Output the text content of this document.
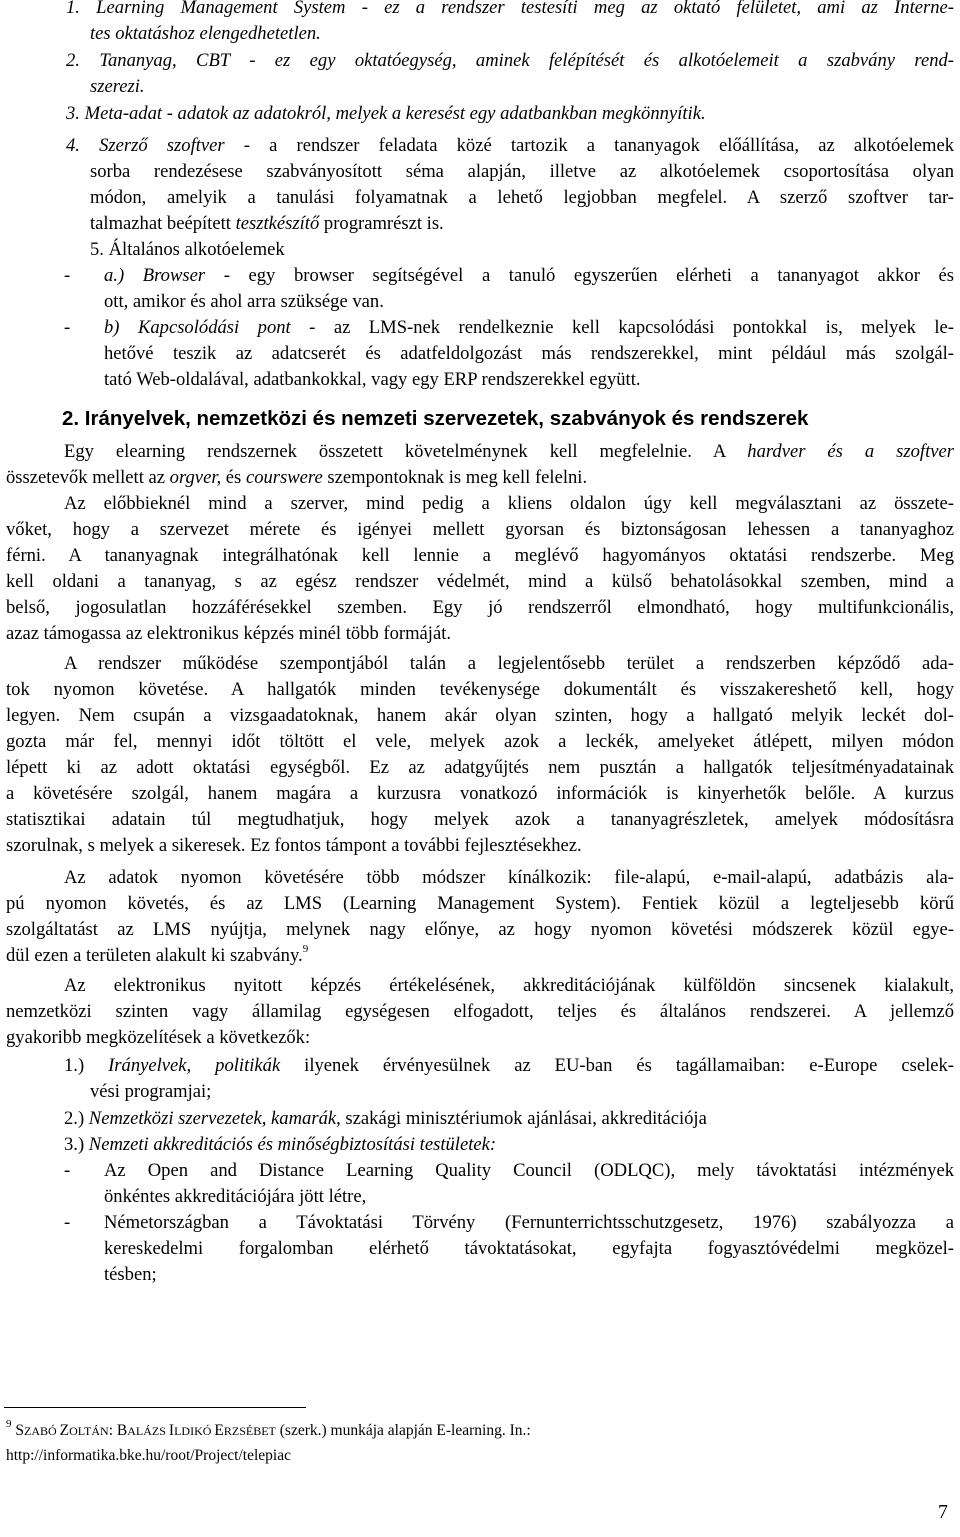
1. Learning Management System - ez a rendszer testesíti meg az oktató felületet, ami az Interne-
tes oktatáshoz elengedhetetlen.
2. Tananyag, CBT - ez egy oktatóegység, aminek felépítését és alkotóelemeit a szabvány rend-
szerezi.
3. Meta-adat - adatok az adatokról, melyek a keresést egy adatbankban megkönnyítik.
4. Szerző szoftver - a rendszer feladata közé tartozik a tananyagok előállítása, az alkotóelemek
sorba rendezésese szabványosított séma alapján, illetve az alkotóelemek csoportosítása olyan
módon, amelyik a tanulási folyamatnak a lehető legjobban megfelel. A szerző szoftver tar-
talmazhat beépített tesztkészítő programrészt is.
5. Általános alkotóelemek
- a.) Browser - egy browser segítségével a tanuló egyszerűen elérheti a tananyagot akkor és
ott, amikor és ahol arra szüksége van.
- b) Kapcsolódási pont - az LMS-nek rendelkeznie kell kapcsolódási pontokkal is, melyek le-
hetővé teszik az adatcserét és adatfeldolgozást más rendszerekkel, mint például más szolgál-
tató Web-oldalával, adatbankokkal, vagy egy ERP rendszerekkel együtt.
2. Irányelvek, nemzetközi és nemzeti szervezetek, szabványok és rendszerek
Egy elearning rendszernek összetett követelménynek kell megfelelnie. A hardver és a szoftver
összetevők mellett az orgver, és courswere szempontoknak is meg kell felelni.
Az előbbieknél mind a szerver, mind pedig a kliens oldalon úgy kell megválasztani az összete-
vőket, hogy a szervezet mérete és igényei mellett gyorsan és biztonságosan lehessen a tananyaghoz
férni. A tananyagnak integrálhatónak kell lennie a meglévő hagyományos oktatási rendszerbe. Meg
kell oldani a tananyag, s az egész rendszer védelmét, mind a külső behatolásokkal szemben, mind a
belső, jogosulatlan hozzáférésekkel szemben. Egy jó rendszerről elmondható, hogy multifunkcionális,
azaz támogassa az elektronikus képzés minél több formáját.
A rendszer működése szempontjából talán a legjelentősebb terület a rendszerben képződő ada-
tok nyomon követése. A hallgatók minden tevékenysége dokumentált és visszakereshető kell, hogy
legyen. Nem csupán a vizsgaadatoknak, hanem akár olyan szinten, hogy a hallgató melyik leckét dol-
gozta már fel, mennyi időt töltött el vele, melyek azok a leckék, amelyeket átlépett, milyen módon
lépett ki az adott oktatási egységből. Ez az adatgyűjtés nem pusztán a hallgatók teljesítményadatainak
a követésére szolgál, hanem magára a kurzusra vonatkozó információk is kinyerhetők belőle. A kurzus
statisztikai adatain túl megtudhatjuk, hogy melyek azok a tananyagrészletek, amelyek módosításra
szorulnak, s melyek a sikeresek. Ez fontos támpont a további fejlesztésekhez.
Az adatok nyomon követésére több módszer kínálkozik: file-alapú, e-mail-alapú, adatbázis ala-
pú nyomon követés, és az LMS (Learning Management System). Fentiek közül a legteljesebb körű
szolgáltatást az LMS nyújtja, melynek nagy előnye, az hogy nyomon követési módszerek közül egye-
dül ezen a területen alakult ki szabvány.$^9$
Az elektronikus nyitott képzés értékelésének, akkreditációjának külföldön sincsenek kialakult,
nemzetközi szinten vagy államilag egységesen elfogadott, teljes és általános rendszerei. A jellemző
gyakoribb megközelítések a következők:
1.) Irányelvek, politikák ilyenek érvényesülnek az EU-ban és tagállamaiban: e-Europe cselek-
vési programjai;
2.) Nemzetközi szervezetek, kamarák, szakági minisztériumok ajánlásai, akkreditációja
3.) Nemzeti akkreditációs és minőségbiztosítási testületek:
- Az Open and Distance Learning Quality Council (ODLQC), mely távoktatási intézmények
önkéntes akkreditációjára jött létre,
- Németországban a Távoktatási Törvény (Fernunterrichtsschutzgesetz, 1976) szabályozza a
kereskedelmi forgalomban elérhető távoktatásokat, egyfajta fogyasztóvédelmi megközel-
tésben;
$^9$ SZABÓ ZOLTÁN: BALÁZS ILDIKÓ ERZSÉBET (szerk.) munkája alapján E-learning. In.:
http://informatika.bke.hu/root/Project/telepiac
7
